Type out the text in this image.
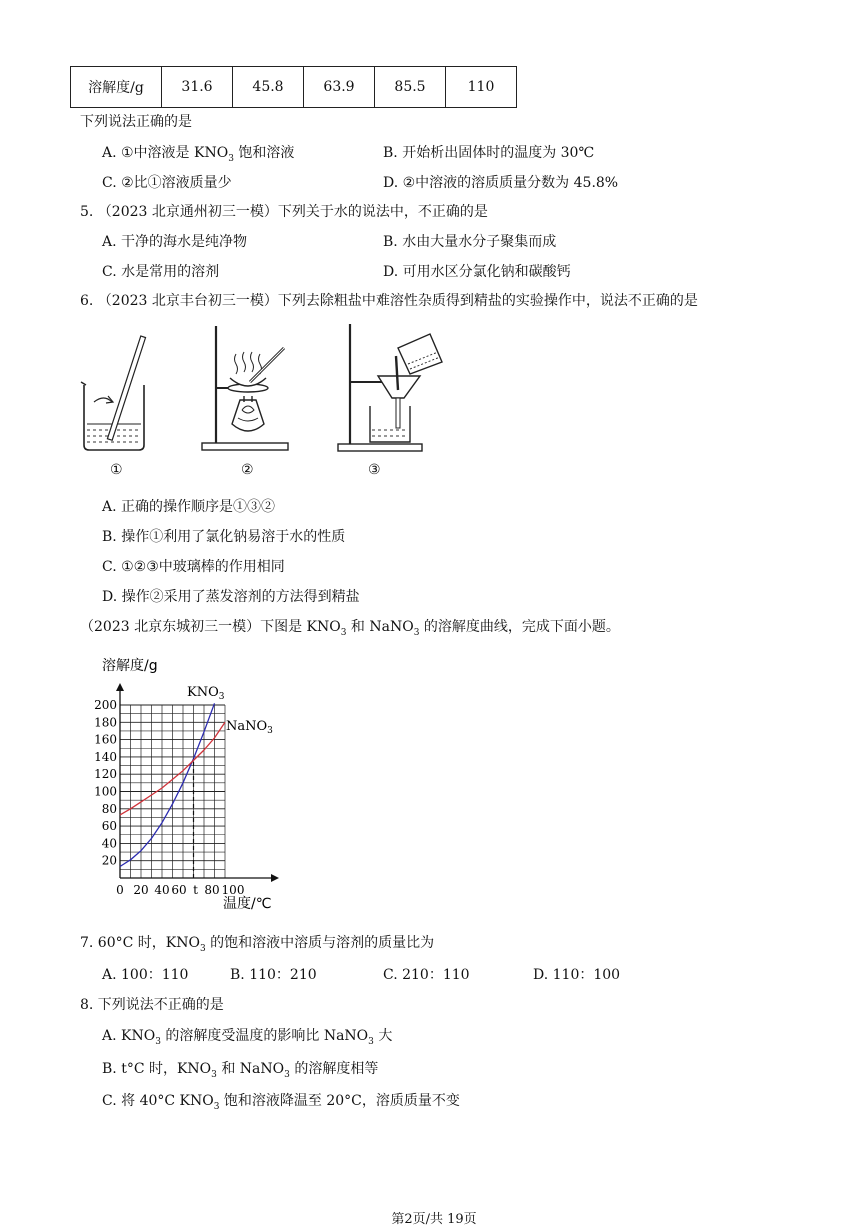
溶解度/g	31.6	45.8	63.9	85.5	110
下列说法正确的是
A. ①中溶液是 $KNO_3$ 饱和溶液	B. 开始析出固体时的温度为 30℃
C. ②比①溶液质量少	D. ②中溶液的溶质质量分数为 45.8%
5. （2023 北京通州初三一模）下列关于水的说法中，不正确的是
A. 干净的海水是纯净物	B. 水由大量水分子聚集而成
C. 水是常用的溶剂	D. 可用水区分氯化钠和碳酸钙
6. （2023 北京丰台初三一模）下列去除粗盐中难溶性杂质得到精盐的实验操作中，说法不正确的是
①	②	③
A. 正确的操作顺序是①③②
B. 操作①利用了氯化钠易溶于水的性质
C. ①②③中玻璃棒的作用相同
D. 操作②采用了蒸发溶剂的方法得到精盐
（2023 北京东城初三一模）下图是 $KNO_3$ 和 NaNO$_3$ 的溶解度曲线，完成下面小题。
溶解度/g
20
40
60
80
100
120
140
160
180
200
0 20 40 60 t 80 100
$KNO_3$
NaNO$_3$
温度/℃
7. 60°C 时，$KNO_3$ 的饱和溶液中溶质与溶剂的质量比为
A. 100：110	B. 110：210	C. 210：110	D. 110：100
8. 下列说法不正确的是
A. $KNO_3$ 的溶解度受温度的影响比 NaNO$_3$ 大
B. t°C 时，$KNO_3$ 和 NaNO$_3$ 的溶解度相等
C. 将 40°C $KNO_3$ 饱和溶液降温至 20°C，溶质质量不变
第2页/共 19页
